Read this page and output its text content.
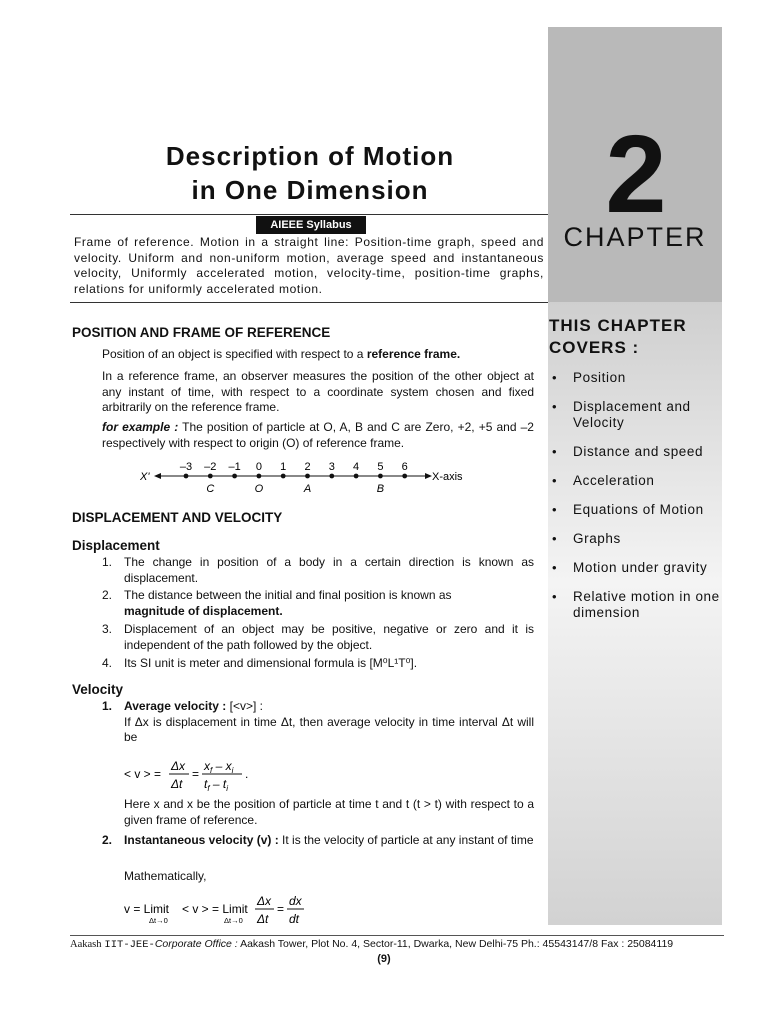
2
CHAPTER
THIS CHAPTER COVERS :
• Position
• Displacement and Velocity
• Distance and speed
• Acceleration
• Equations of Motion
• Graphs
• Motion under gravity
• Relative motion in one dimension
Description of Motion
in One Dimension
AIEEE Syllabus
Frame of reference. Motion in a straight line: Position-time graph, speed and velocity. Uniform and non-uniform motion, average speed and instantaneous velocity, Uniformly accelerated motion, velocity-time, position-time graphs, relations for uniformly accelerated motion.
POSITION AND FRAME OF REFERENCE
Position of an object is specified with respect to a reference frame.
In a reference frame, an observer measures the position of the other object at any instant of time, with respect to a coordinate system chosen and fixed arbitrarily on the reference frame.
for example : The position of particle at O, A, B and C are Zero, +2, +5 and –2 respectively with respect to origin (O) of reference frame.
X'	X-axis
–3 –2 –1 0 1 2 3 4 5 6
C	O	A	B
DISPLACEMENT AND VELOCITY
Displacement
1. The change in position of a body in a certain direction is known as displacement.
2. The distance between the initial and final position is known as
magnitude of displacement.
3. Displacement of an object may be positive, negative or zero and it is independent of the path followed by the object.
4. Its SI unit is meter and dimensional formula is [M⁰L¹T⁰].
Velocity
1. Average velocity : [<v>] :
If Δx is displacement in time Δt, then average velocity in time interval Δt will be
< v > =
Δx
Δt
=
$x_f - x_i$
$t_f - t_i$
.
Here x and x be the position of particle at time t and t (t > t) with respect to a given frame of reference.
2. Instantaneous velocity (v) : It is the velocity of particle at any instant of time
Mathematically,
v = Limit
Δt→0
< v > = Limit
Δt→0
Δx
Δt
=
dx
dt
Aakash IIT-JEE-Corporate Office : Aakash Tower, Plot No. 4, Sector-11, Dwarka, New Delhi-75 Ph.: 45543147/8 Fax : 25084119
(9)
